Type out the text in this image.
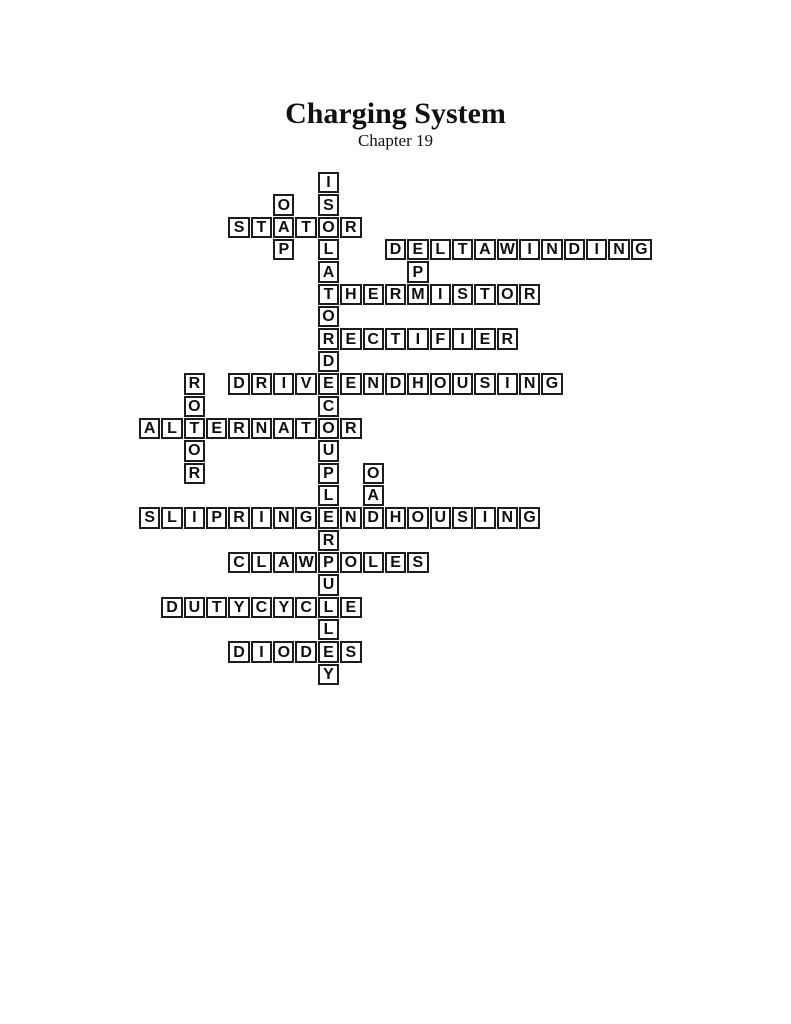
Charging System
Chapter 19
S T A T O R
D E L T A W I N D I N G
T H E R M I S T O R
R E C T I F I E R
D R I V E E N D H O U S I N G
A L T E R N A T O R
S L I P R I N G E N D H O U S I N G
C L A W P O L E S
D U T Y C Y C L E
D I O D E S
I
S
L
A
O
D
C
U
P
L
R
U
L
Y
O
P
P
R
O
O
R	O
A
